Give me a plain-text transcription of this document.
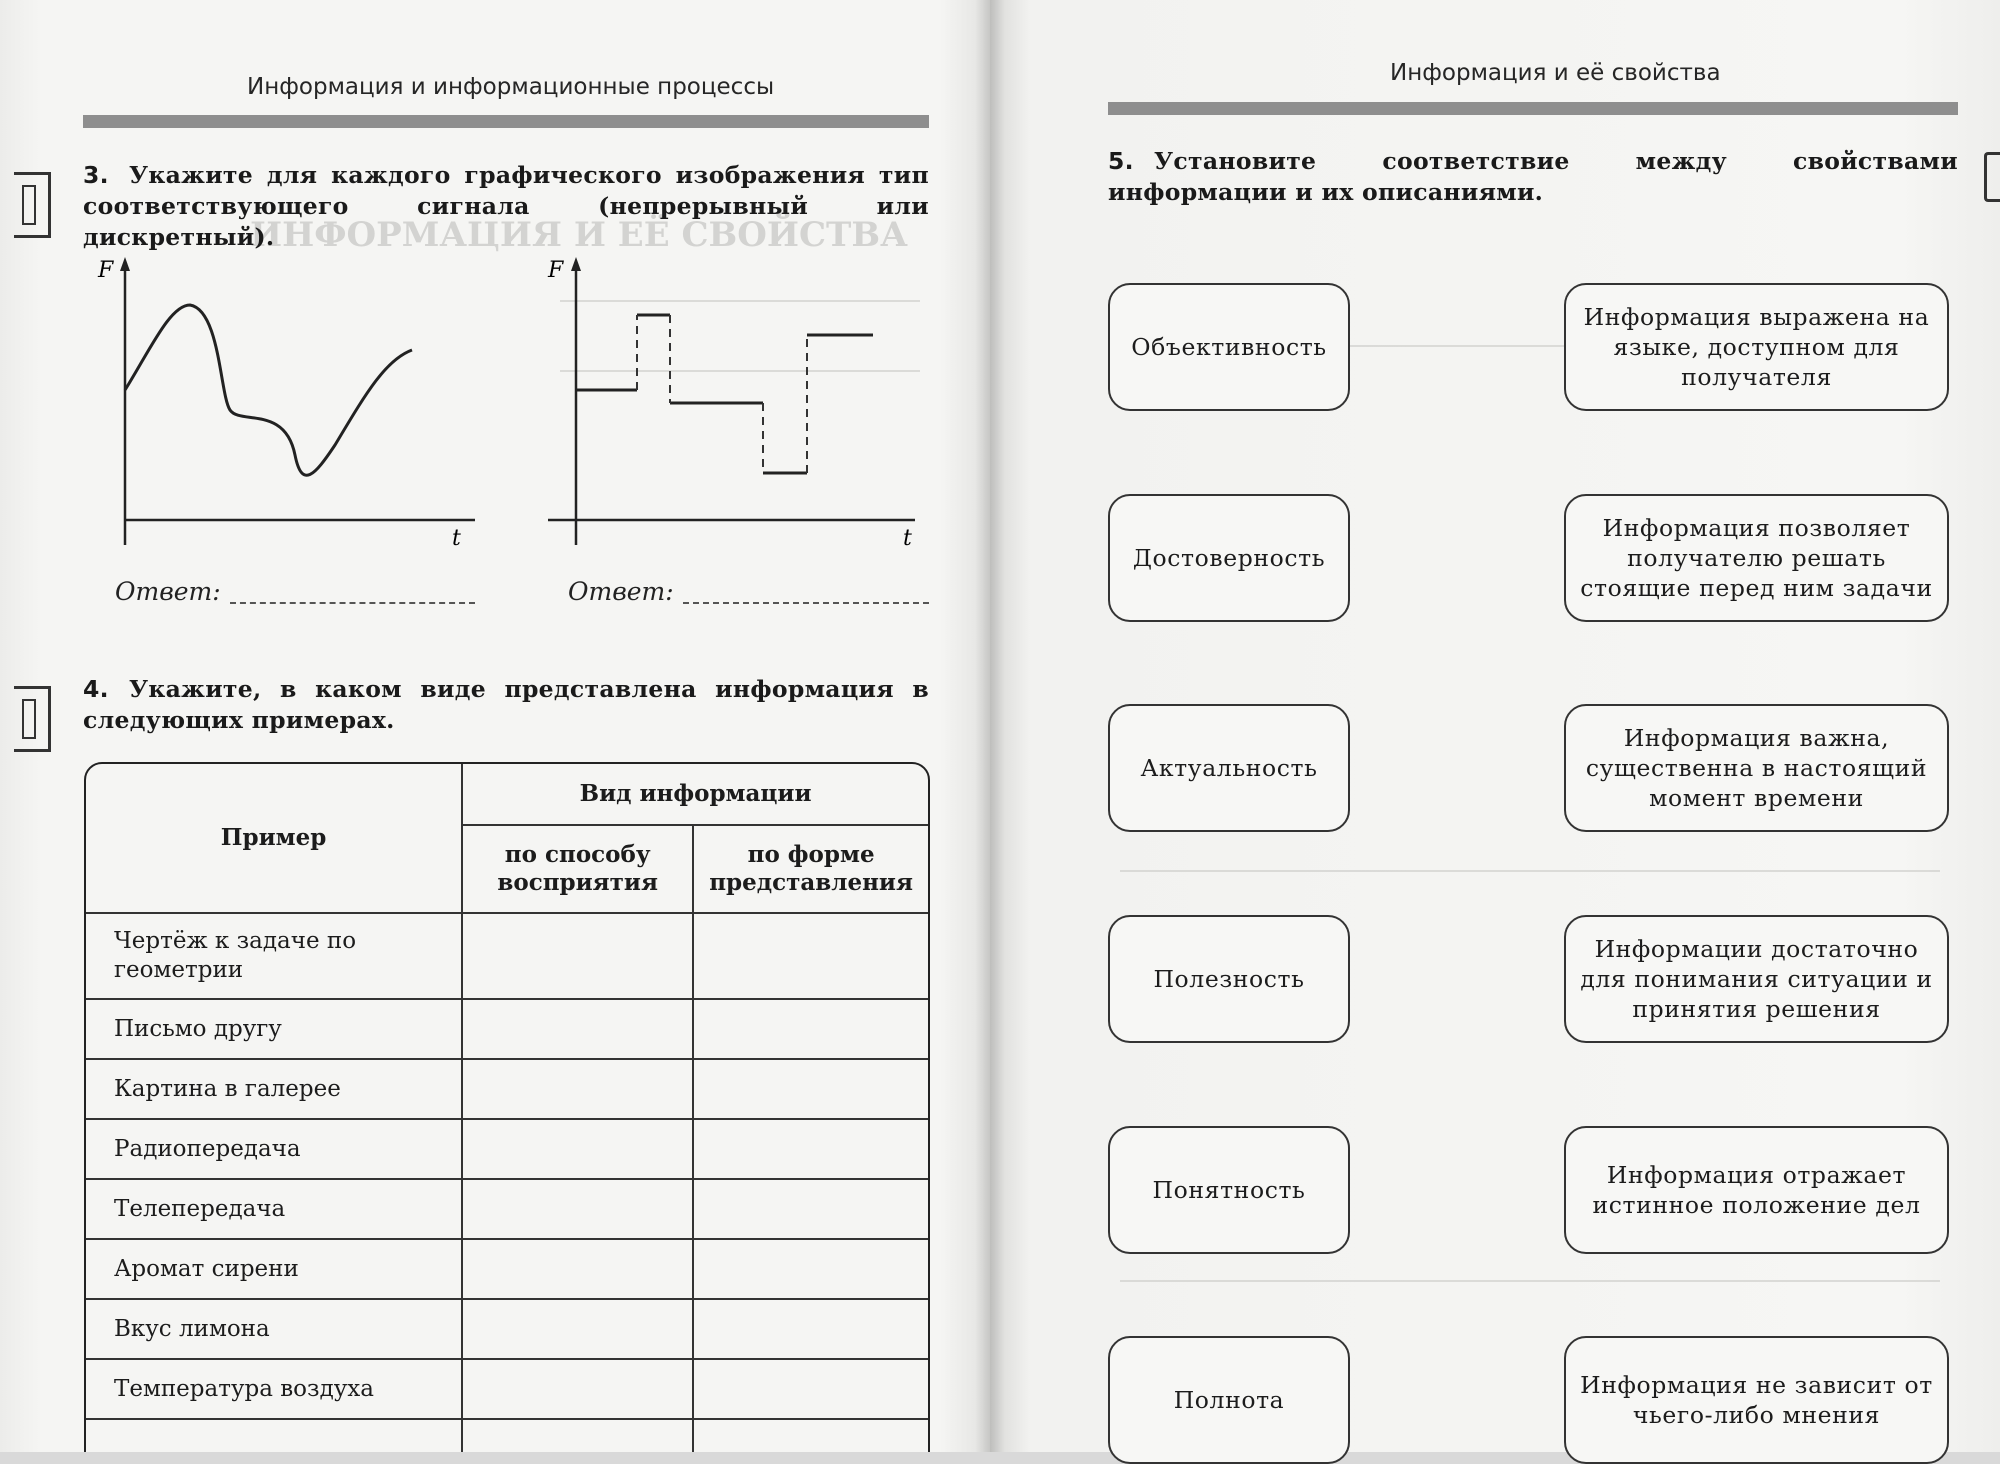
ИНФОРМАЦИЯ И ЕЁ СВОЙСТВА
Информация и информационные процессы
3. Укажите для каждого графического изображения тип соответствующего сигнала (непрерывный или дискретный).
F
t
F
t
Ответ:	Ответ:
4. Укажите, в каком виде представлена информация в следующих примерах.
Пример	Вид информации	
	по способу восприятия	по форме представления
Чертёж к задаче по геометрии		
Письмо другу		
Картина в галерее		
Радиопередача		
Телепередача		
Аромат сирени		
Вкус лимона		
Температура воздуха		

Информация и её свойства
5. Установите соответствие между свойствами информации и их описаниями.
Объективность
Достоверность
Актуальность
Полезность
Понятность
Полнота
Информация выражена на языке, доступном для получателя
Информация позволяет получателю решать стоящие перед ним задачи
Информация важна, существенна в настоящий момент времени
Информации достаточно для понимания ситуации и принятия решения
Информация отражает истинное положение дел
Информация не зависит от чьего-либо мнения
